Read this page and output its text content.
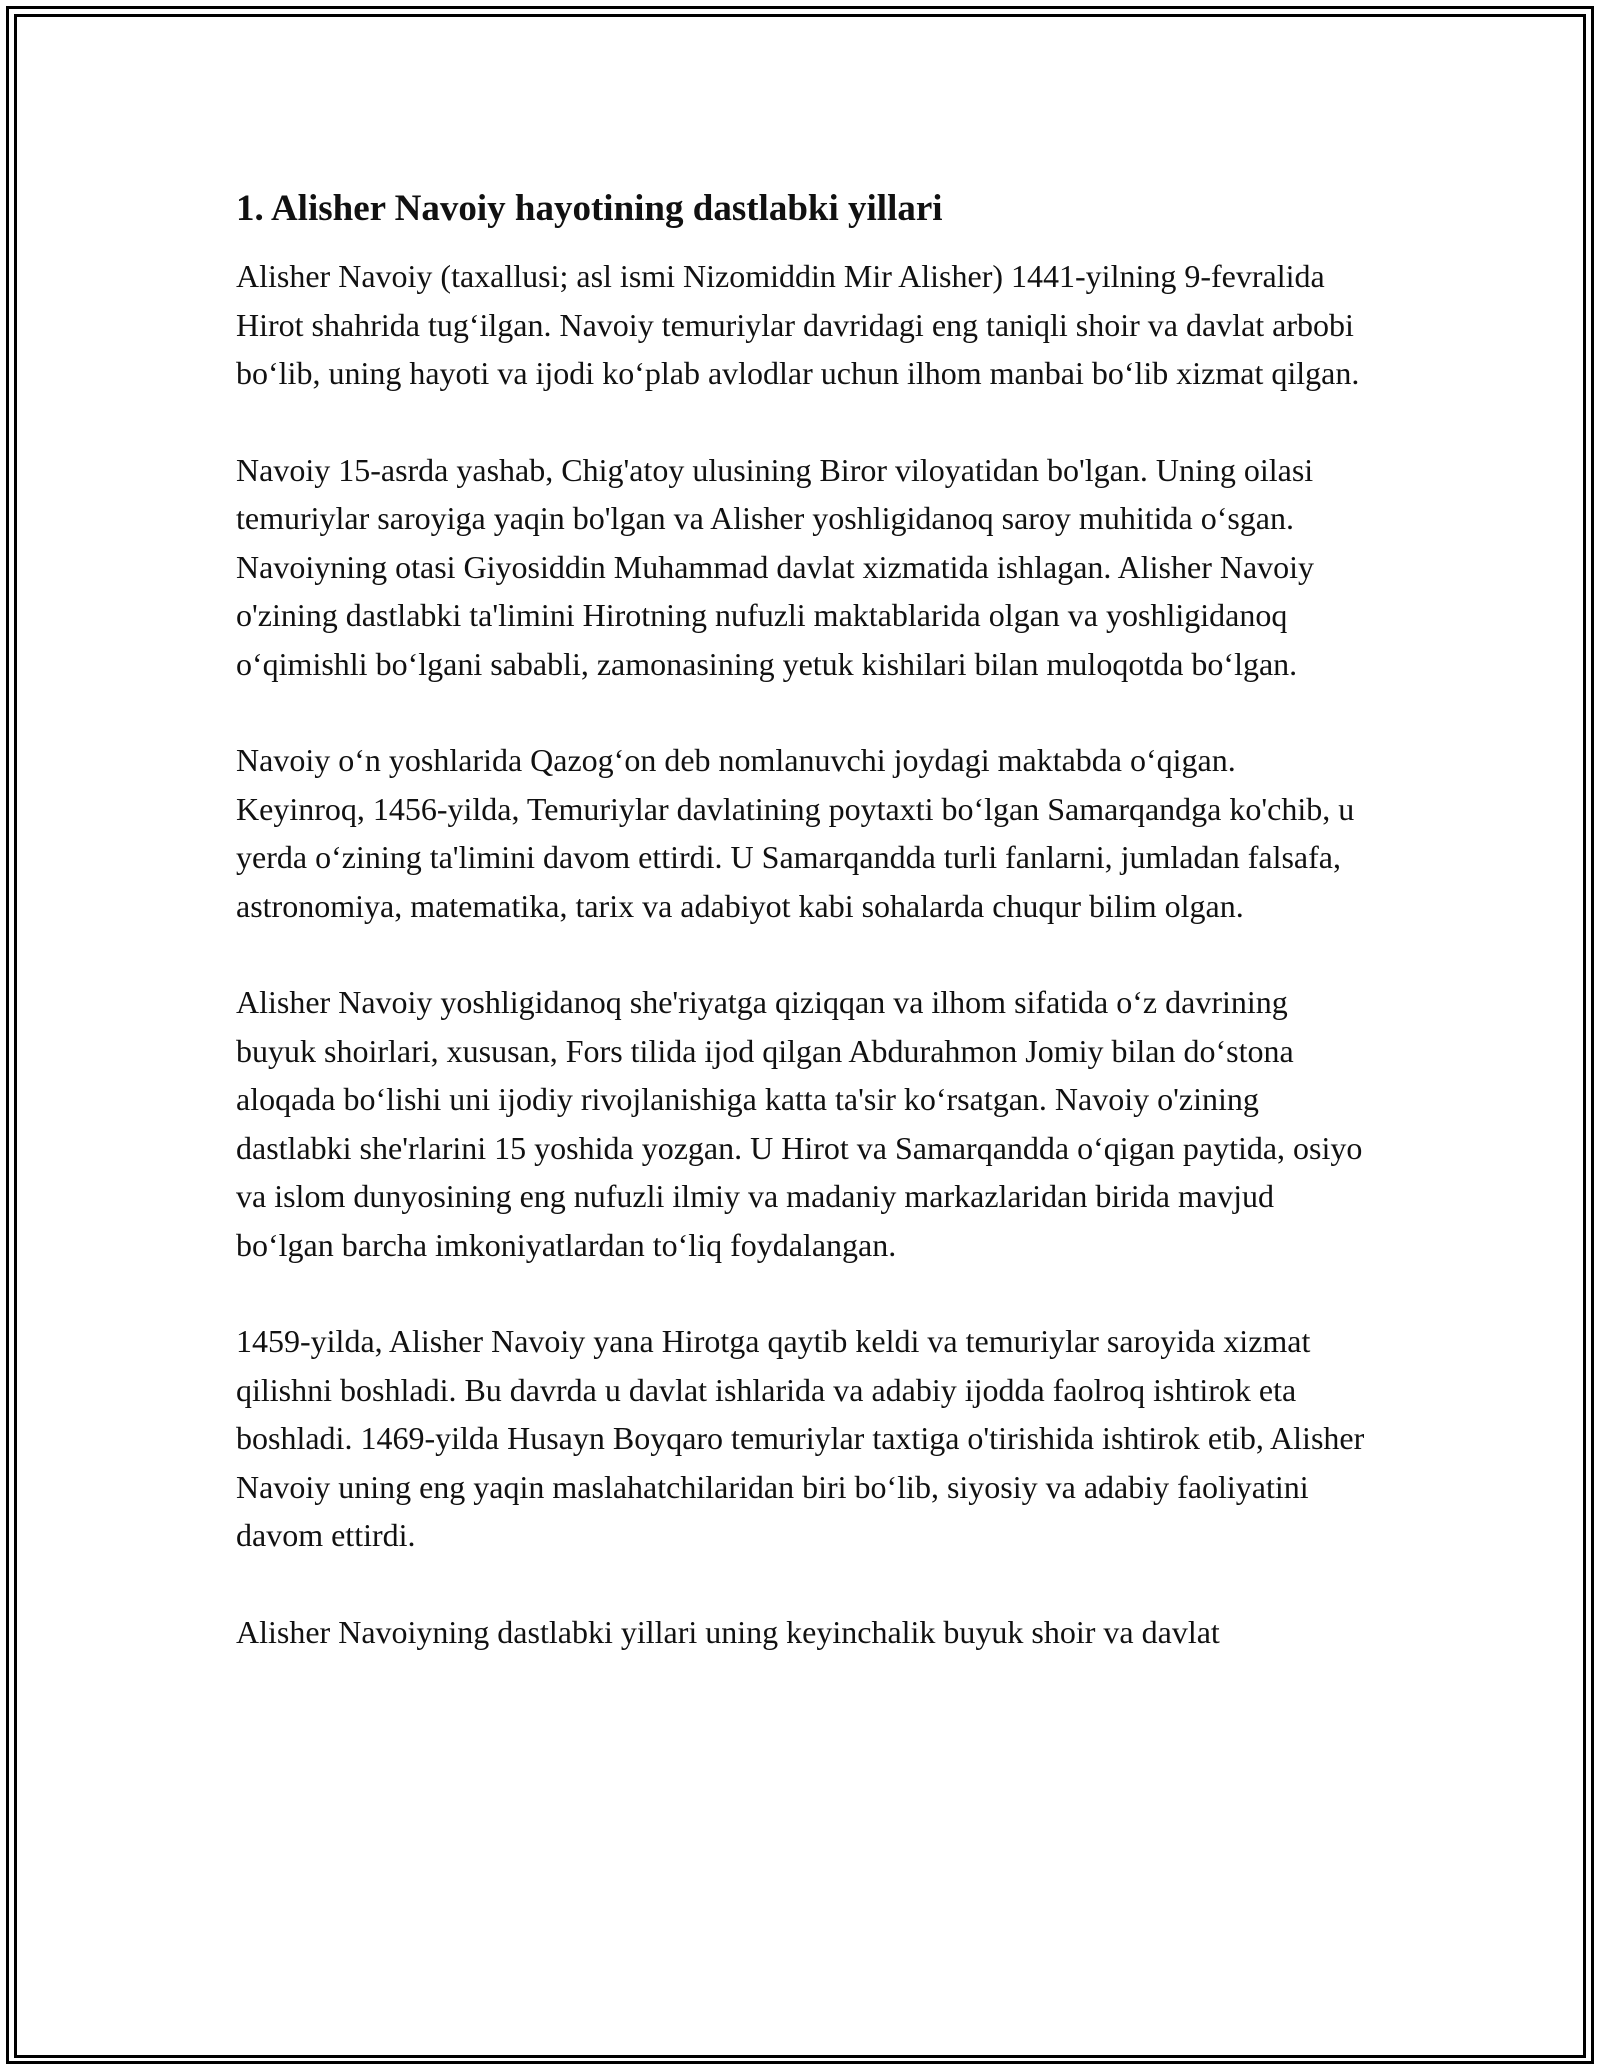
1. Alisher Navoiy hayotining dastlabki yillari

Alisher Navoiy (taxallusi; asl ismi Nizomiddin Mir Alisher) 1441-yilning 9-fevralida Hirot shahrida tug‘ilgan. Navoiy temuriylar davridagi eng taniqli shoir va davlat arbobi bo‘lib, uning hayoti va ijodi ko‘plab avlodlar uchun ilhom manbai bo‘lib xizmat qilgan.

Navoiy 15-asrda yashab, Chig'atoy ulusining Biror viloyatidan bo'lgan. Uning oilasi temuriylar saroyiga yaqin bo'lgan va Alisher yoshligidanoq saroy muhitida o‘sgan. Navoiyning otasi Giyosiddin Muhammad davlat xizmatida ishlagan. Alisher Navoiy o'zining dastlabki ta'limini Hirotning nufuzli maktablarida olgan va yoshligidanoq o‘qimishli bo‘lgani sababli, zamonasining yetuk kishilari bilan muloqotda bo‘lgan.

Navoiy o‘n yoshlarida Qazog‘on deb nomlanuvchi joydagi maktabda o‘qigan. Keyinroq, 1456-yilda, Temuriylar davlatining poytaxti bo‘lgan Samarqandga ko'chib, u yerda o‘zining ta'limini davom ettirdi. U Samarqandda turli fanlarni, jumladan falsafa, astronomiya, matematika, tarix va adabiyot kabi sohalarda chuqur bilim olgan.

Alisher Navoiy yoshligidanoq she'riyatga qiziqqan va ilhom sifatida o‘z davrining buyuk shoirlari, xususan, Fors tilida ijod qilgan Abdurahmon Jomiy bilan do‘stona aloqada bo‘lishi uni ijodiy rivojlanishiga katta ta'sir ko‘rsatgan. Navoiy o'zining dastlabki she'rlarini 15 yoshida yozgan. U Hirot va Samarqandda o‘qigan paytida, osiyo va islom dunyosining eng nufuzli ilmiy va madaniy markazlaridan birida mavjud bo‘lgan barcha imkoniyatlardan to‘liq foydalangan.

1459-yilda, Alisher Navoiy yana Hirotga qaytib keldi va temuriylar saroyida xizmat qilishni boshladi. Bu davrda u davlat ishlarida va adabiy ijodda faolroq ishtirok eta boshladi. 1469-yilda Husayn Boyqaro temuriylar taxtiga o'tirishida ishtirok etib, Alisher Navoiy uning eng yaqin maslahatchilaridan biri bo‘lib, siyosiy va adabiy faoliyatini davom ettirdi.

Alisher Navoiyning dastlabki yillari uning keyinchalik buyuk shoir va davlat
